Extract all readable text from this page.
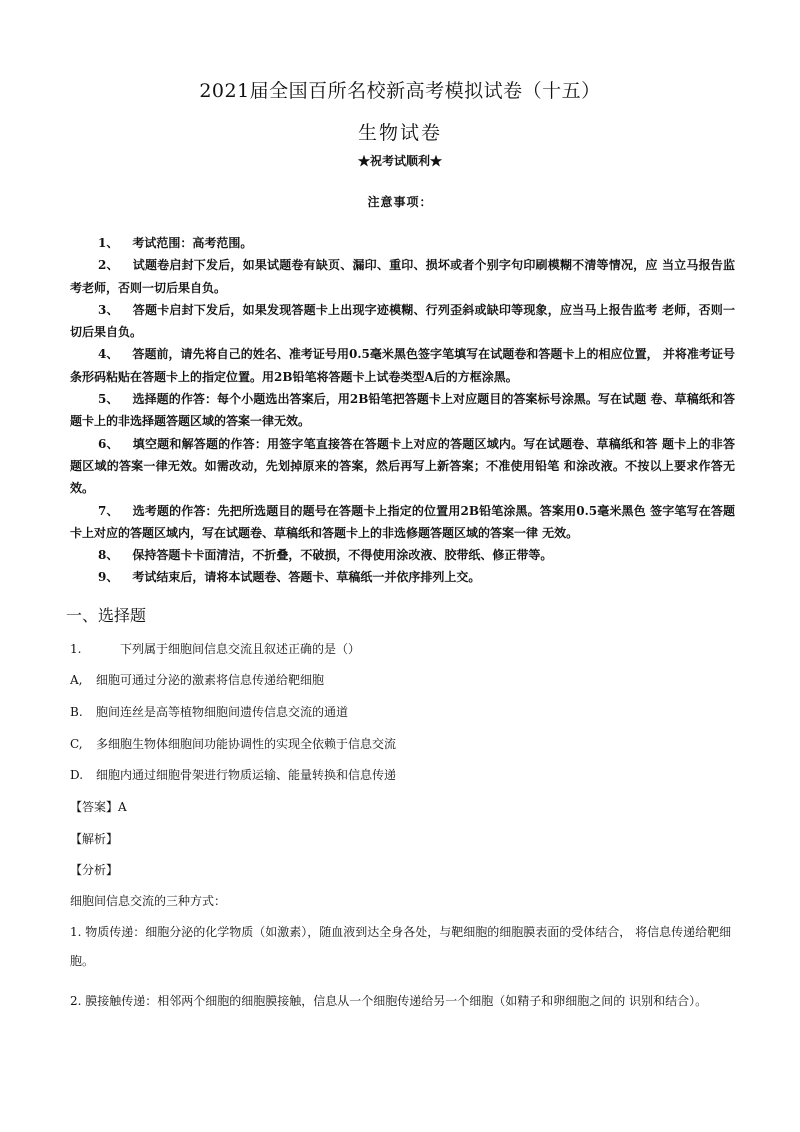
2021届全国百所名校新高考模拟试卷（十五）
生物试卷
★祝考试顺利★
注意事项：

1、 考试范围：高考范围。

2、 试题卷启封下发后，如果试题卷有缺页、漏印、重印、损坏或者个别字句印刷模糊不清等情况，应 当立马报告监考老师，否则一切后果自负。

3、 答题卡启封下发后，如果发现答题卡上出现字迹模糊、行列歪斜或缺印等现象，应当马上报告监考 老师，否则一切后果自负。

4、 答题前，请先将自己的姓名、准考证号用0.5毫米黑色签字笔填写在试题卷和答题卡上的相应位置， 并将准考证号条形码粘贴在答题卡上的指定位置。用2B铅笔将答题卡上试卷类型A后的方框涂黑。

5、 选择题的作答：每个小题选出答案后，用2B铅笔把答题卡上对应题目的答案标号涂黑。写在试题 卷、草稿纸和答题卡上的非选择题答题区域的答案一律无效。

6、 填空题和解答题的作答：用签字笔直接答在答题卡上对应的答题区域内。写在试题卷、草稿纸和答 题卡上的非答题区域的答案一律无效。如需改动，先划掉原来的答案，然后再写上新答案；不准使用铅笔 和涂改液。不按以上要求作答无效。

7、 选考题的作答：先把所选题目的题号在答题卡上指定的位置用2B铅笔涂黑。答案用0.5毫米黑色 签字笔写在答题卡上对应的答题区域内，写在试题卷、草稿纸和答题卡上的非选修题答题区域的答案一律 无效。

8、 保持答题卡卡面清洁，不折叠，不破损，不得使用涂改液、胶带纸、修正带等。

9、 考试结束后，请将本试题卷、答题卡、草稿纸一并依序排列上交。

一、选择题
1.	下列属于细胞间信息交流且叙述正确的是（）
A, 细胞可通过分泌的激素将信息传递给靶细胞
B. 胞间连丝是高等植物细胞间遗传信息交流的通道
C, 多细胞生物体细胞间功能协调性的实现全依赖于信息交流
D. 细胞内通过细胞骨架进行物质运输、能量转换和信息传递
【答案】A
【解析】
【分析】
细胞间信息交流的三种方式：
1. 物质传递：细胞分泌的化学物质（如激素），随血液到达全身各处，与靶细胞的细胞膜表面的受体结合， 将信息传递给靶细胞。
2. 膜接触传递：相邻两个细胞的细胞膜接触，信息从一个细胞传递给另一个细胞（如精子和卵细胞之间的 识别和结合）。
